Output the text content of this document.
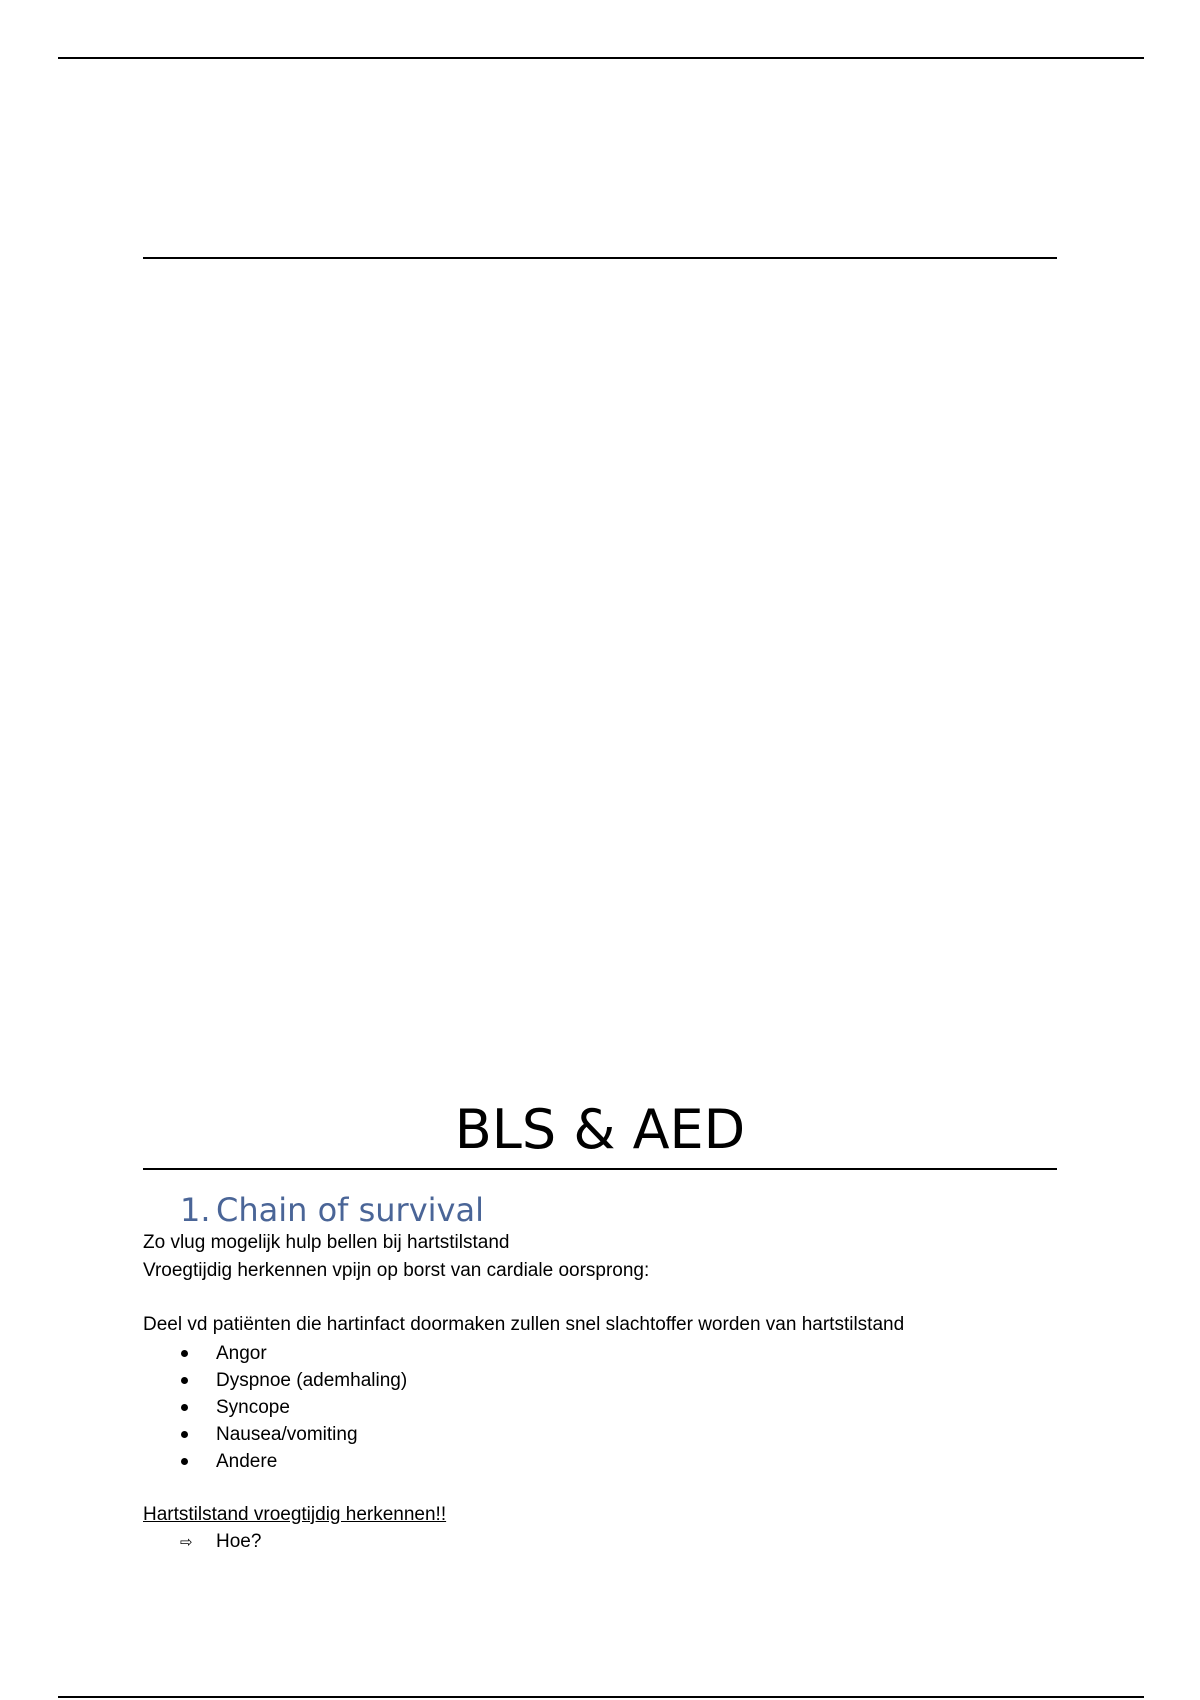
BLS & AED
1. Chain of survival
Zo vlug mogelijk hulp bellen bij hartstilstand
Vroegtijdig herkennen vpijn op borst van cardiale oorsprong:
Deel vd patiënten die hartinfact doormaken zullen snel slachtoffer worden van hartstilstand
Angor
Dyspnoe (ademhaling)
Syncope
Nausea/vomiting
Andere
Hartstilstand vroegtijdig herkennen!!
⇨ Hoe?
